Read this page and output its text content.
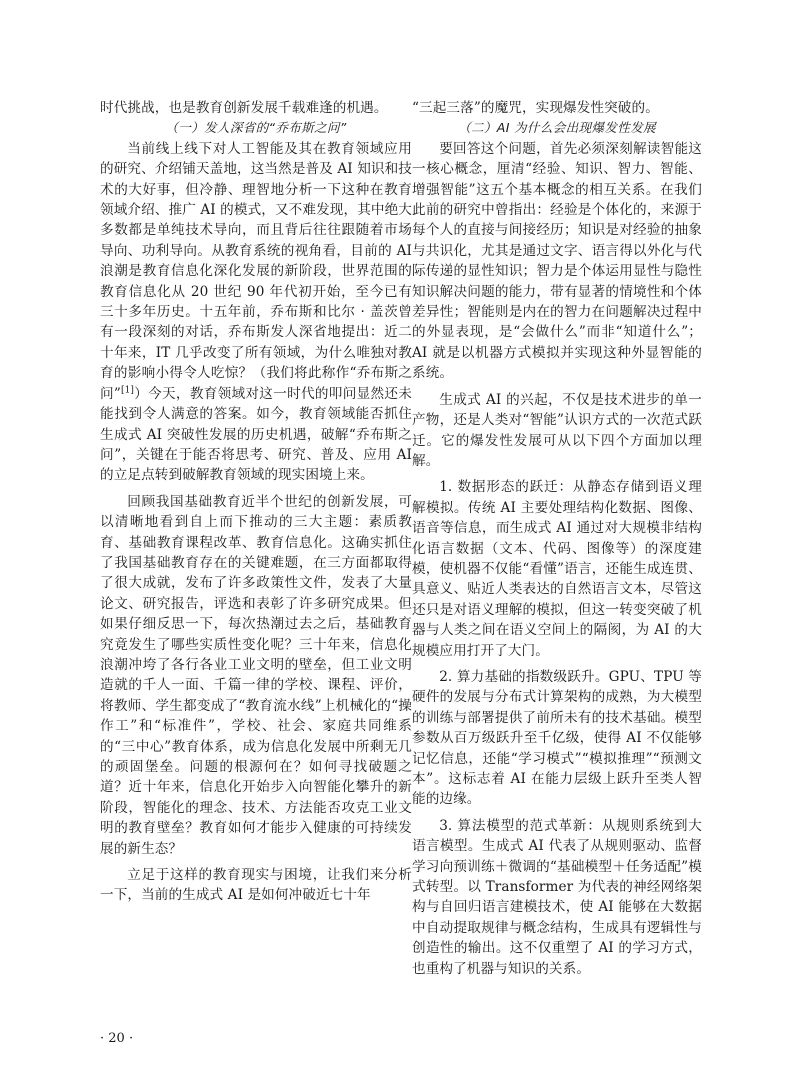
时代挑战，也是教育创新发展千载难逢的机遇。

（一）发人深省的“乔布斯之问”

当前线上线下对人工智能及其在教育领域应用的研究、介绍铺天盖地，这当然是普及 AI 知识和技术的大好事，但冷静、理智地分析一下这种在教育领域介绍、推广 AI 的模式，又不难发现，其中绝大多数都是单纯技术导向，而且背后往往跟随着市场导向、功利导向。从教育系统的视角看，目前的 AI 浪潮是教育信息化深化发展的新阶段，世界范围的教育信息化从 20 世纪 90 年代初开始，至今已有三十多年历史。十五年前，乔布斯和比尔 · 盖茨曾有一段深刻的对话，乔布斯发人深省地提出：近二十年来，IT 几乎改变了所有领域，为什么唯独对教育的影响小得令人吃惊？（我们将此称作“乔布斯之问”[1]）今天，教育领域对这一时代的叩问显然还未能找到令人满意的答案。如今，教育领域能否抓住生成式 AI 突破性发展的历史机遇，破解“乔布斯之问”，关键在于能否将思考、研究、普及、应用 AI 的立足点转到破解教育领域的现实困境上来。

回顾我国基础教育近半个世纪的创新发展，可以清晰地看到自上而下推动的三大主题：素质教育、基础教育课程改革、教育信息化。这确实抓住了我国基础教育存在的关键难题，在三方面都取得了很大成就，发布了许多政策性文件，发表了大量论文、研究报告，评选和表彰了许多研究成果。但如果仔细反思一下，每次热潮过去之后，基础教育究竟发生了哪些实质性变化呢？三十年来，信息化浪潮冲垮了各行各业工业文明的壁垒，但工业文明造就的千人一面、千篇一律的学校、课程、评价，将教师、学生都变成了“教育流水线”上机械化的“操作工”和“标准件”，学校、社会、家庭共同维系的“三中心”教育体系，成为信息化发展中所剩无几的顽固堡垒。问题的根源何在？如何寻找破题之道？近十年来，信息化开始步入向智能化攀升的新阶段，智能化的理念、技术、方法能否攻克工业文明的教育壁垒？教育如何才能步入健康的可持续发展的新生态？

立足于这样的教育现实与困境，让我们来分析一下，当前的生成式 AI 是如何冲破近七十年

“三起三落”的魔咒，实现爆发性突破的。

（二）AI 为什么会出现爆发性发展

要回答这个问题，首先必须深刻解读智能这一核心概念，厘清“经验、知识、智力、智能、增强智能”这五个基本概念的相互关系。在我们此前的研究中曾指出：经验是个体化的，来源于每个人的直接与间接经历；知识是对经验的抽象与共识化，尤其是通过文字、语言得以外化与代际传递的显性知识；智力是个体运用显性与隐性知识解决问题的能力，带有显著的情境性和个体差异性；智能则是内在的智力在问题解决过程中的外显表现，是“会做什么”而非“知道什么”；AI 就是以机器方式模拟并实现这种外显智能的系统。

生成式 AI 的兴起，不仅是技术进步的单一产物，还是人类对“智能”认识方式的一次范式跃迁。它的爆发性发展可从以下四个方面加以理解。

1. 数据形态的跃迁：从静态存储到语义理解模拟。传统 AI 主要处理结构化数据、图像、语音等信息，而生成式 AI 通过对大规模非结构化语言数据（文本、代码、图像等）的深度建模，使机器不仅能“看懂”语言，还能生成连贯、具意义、贴近人类表达的自然语言文本，尽管这还只是对语义理解的模拟，但这一转变突破了机器与人类之间在语义空间上的隔阂，为 AI 的大规模应用打开了大门。

2. 算力基础的指数级跃升。GPU、TPU 等硬件的发展与分布式计算架构的成熟，为大模型的训练与部署提供了前所未有的技术基础。模型参数从百万级跃升至千亿级，使得 AI 不仅能够记忆信息，还能“学习模式”“模拟推理”“预测文本”。这标志着 AI 在能力层级上跃升至类人智能的边缘。

3. 算法模型的范式革新：从规则系统到大语言模型。生成式 AI 代表了从规则驱动、监督学习向预训练＋微调的“基础模型＋任务适配”模式转型。以 Transformer 为代表的神经网络架构与自回归语言建模技术，使 AI 能够在大数据中自动提取规律与概念结构，生成具有逻辑性与创造性的输出。这不仅重塑了 AI 的学习方式，也重构了机器与知识的关系。

· 20 ·
